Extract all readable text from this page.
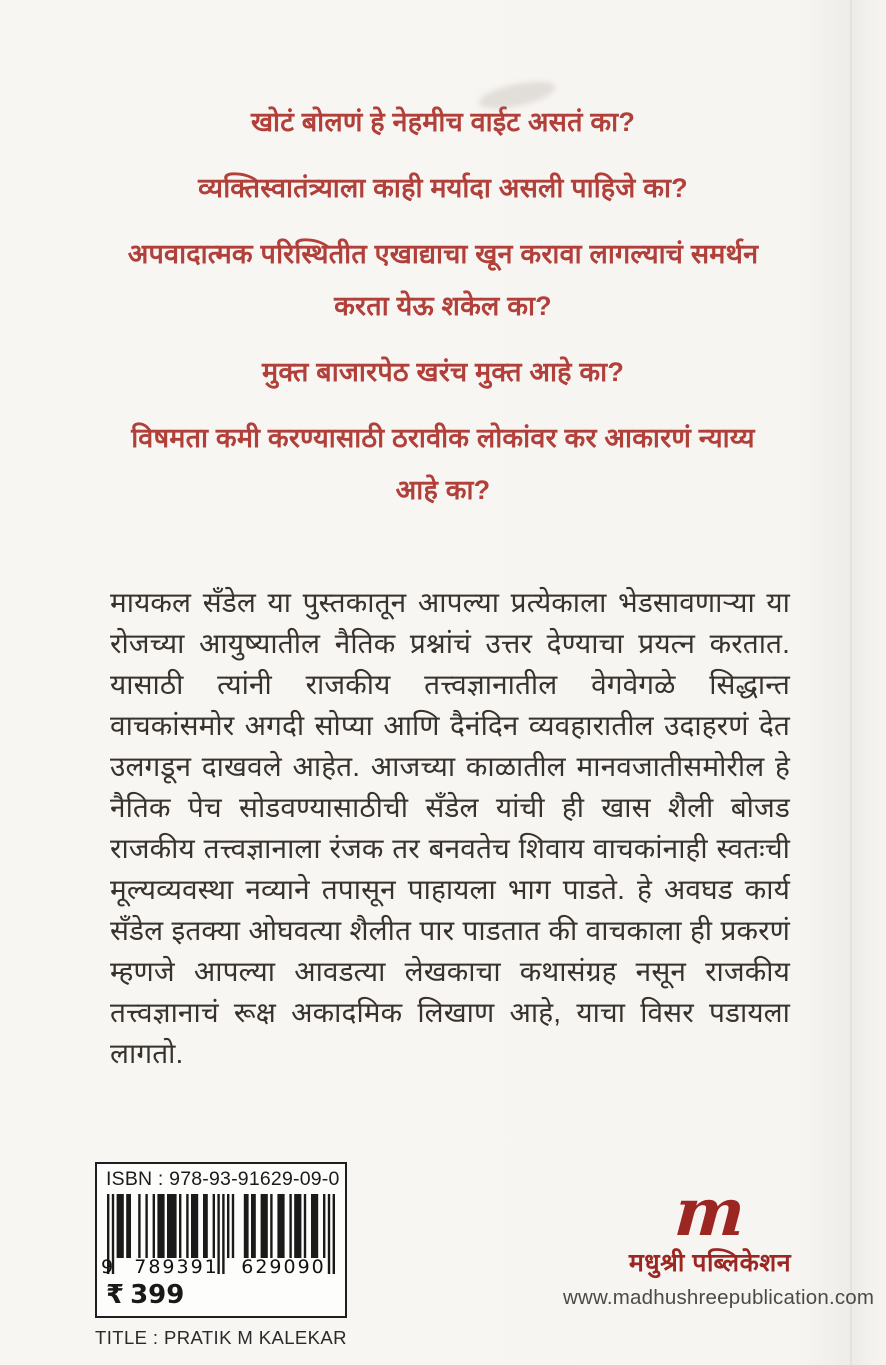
खोटं बोलणं हे नेहमीच वाईट असतं का?

व्यक्तिस्वातंत्र्याला काही मर्यादा असली पाहिजे का?

अपवादात्मक परिस्थितीत एखाद्याचा खून करावा लागल्याचं समर्थन करता येऊ शकेल का?

मुक्त बाजारपेठ खरंच मुक्त आहे का?

विषमता कमी करण्यासाठी ठरावीक लोकांवर कर आकारणं न्याय्य आहे का?

मायकल सँडेल या पुस्तकातून आपल्या प्रत्येकाला भेडसावणाऱ्या या रोजच्या आयुष्यातील नैतिक प्रश्नांचं उत्तर देण्याचा प्रयत्न करतात. यासाठी त्यांनी राजकीय तत्त्वज्ञानातील वेगवेगळे सिद्धान्त वाचकांसमोर अगदी सोप्या आणि दैनंदिन व्यवहारातील उदाहरणं देत उलगडून दाखवले आहेत. आजच्या काळातील मानवजातीसमोरील हे नैतिक पेच सोडवण्यासाठीची सँडेल यांची ही खास शैली बोजड राजकीय तत्त्वज्ञानाला रंजक तर बनवतेच शिवाय वाचकांनाही स्वतःची मूल्यव्यवस्था नव्याने तपासून पाहायला भाग पाडते. हे अवघड कार्य सँडेल इतक्या ओघवत्या शैलीत पार पाडतात की वाचकाला ही प्रकरणं म्हणजे आपल्या आवडत्या लेखकाचा कथासंग्रह नसून राजकीय तत्त्वज्ञानाचं रूक्ष अकादमिक लिखाण आहे, याचा विसर पडायला लागतो.

ISBN : 978-93-91629-09-0
9	789391	629090
₹ 399
TITLE : PRATIK M KALEKAR
m
मधुश्री पब्लिकेशन
www.madhushreepublication.com
